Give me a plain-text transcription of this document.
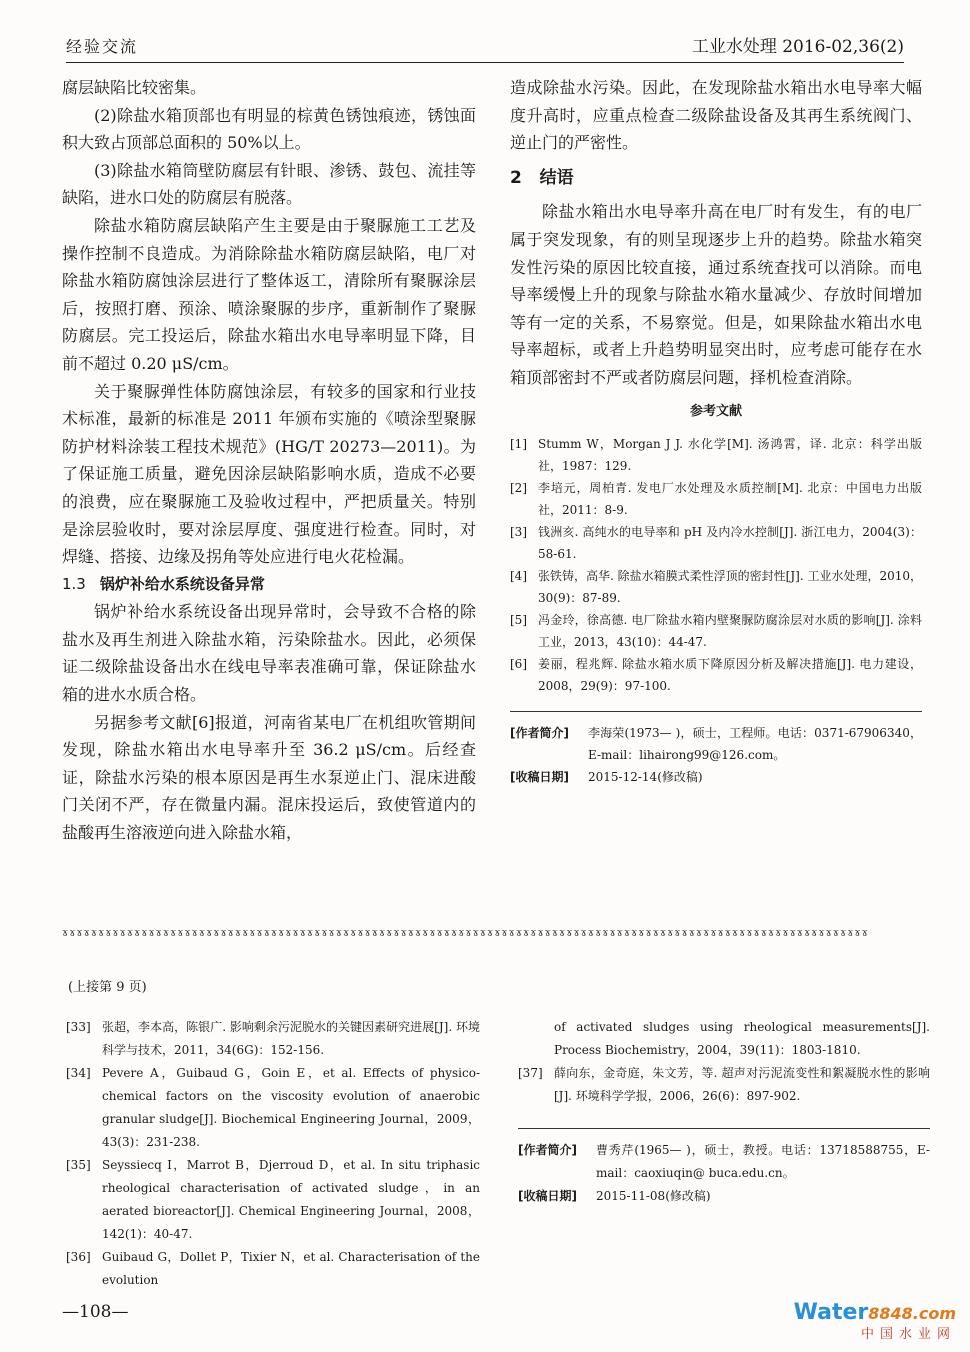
经验交流	工业水处理 2016-02,36(2)

腐层缺陷比较密集。

(2)除盐水箱顶部也有明显的棕黄色锈蚀痕迹，锈蚀面积大致占顶部总面积的 50%以上。

(3)除盐水箱筒壁防腐层有针眼、渗锈、鼓包、流挂等缺陷，进水口处的防腐层有脱落。

除盐水箱防腐层缺陷产生主要是由于聚脲施工工艺及操作控制不良造成。为消除除盐水箱防腐层缺陷，电厂对除盐水箱防腐蚀涂层进行了整体返工，清除所有聚脲涂层后，按照打磨、预涂、喷涂聚脲的步序，重新制作了聚脲防腐层。完工投运后，除盐水箱出水电导率明显下降，目前不超过 0.20 μS/cm。

关于聚脲弹性体防腐蚀涂层，有较多的国家和行业技术标准，最新的标准是 2011 年颁布实施的《喷涂型聚脲防护材料涂装工程技术规范》(HG/T 20273—2011)。为了保证施工质量，避免因涂层缺陷影响水质，造成不必要的浪费，应在聚脲施工及验收过程中，严把质量关。特别是涂层验收时，要对涂层厚度、强度进行检查。同时，对焊缝、搭接、边缘及拐角等处应进行电火花检漏。

1.3 锅炉补给水系统设备异常

锅炉补给水系统设备出现异常时，会导致不合格的除盐水及再生剂进入除盐水箱，污染除盐水。因此，必须保证二级除盐设备出水在线电导率表准确可靠，保证除盐水箱的进水水质合格。

另据参考文献[6]报道，河南省某电厂在机组吹管期间发现，除盐水箱出水电导率升至 36.2 μS/cm。后经查证，除盐水污染的根本原因是再生水泵逆止门、混床进酸门关闭不严，存在微量内漏。混床投运后，致使管道内的盐酸再生溶液逆向进入除盐水箱，

造成除盐水污染。因此，在发现除盐水箱出水电导率大幅度升高时，应重点检查二级除盐设备及其再生系统阀门、逆止门的严密性。

2 结语

除盐水箱出水电导率升高在电厂时有发生，有的电厂属于突发现象，有的则呈现逐步上升的趋势。除盐水箱突发性污染的原因比较直接，通过系统查找可以消除。而电导率缓慢上升的现象与除盐水箱水量减少、存放时间增加等有一定的关系，不易察觉。但是，如果除盐水箱出水电导率超标，或者上升趋势明显突出时，应考虑可能存在水箱顶部密封不严或者防腐层问题，择机检查消除。

参考文献

[1] Stumm W，Morgan J J. 水化学[M]. 汤鸿霄，译. 北京：科学出版社，1987：129.

[2] 李培元，周柏青. 发电厂水处理及水质控制[M]. 北京：中国电力出版社，2011：8-9.

[3] 钱洲亥. 高纯水的电导率和 pH 及内冷水控制[J]. 浙江电力，2004(3)：58-61.

[4] 张铁铸，高华. 除盐水箱膜式柔性浮顶的密封性[J]. 工业水处理，2010，30(9)：87-89.

[5] 冯金玲，徐高德. 电厂除盐水箱内壁聚脲防腐涂层对水质的影响[J]. 涂料工业，2013，43(10)：44-47.

[6] 姜丽，程兆辉. 除盐水箱水质下降原因分析及解决措施[J]. 电力建设，2008，29(9)：97-100.

[作者简介] 李海荣(1973— )，硕士，工程师。电话：0371-67906340，E-mail：lihairong99@126.com。
[收稿日期] 2015-12-14(修改稿)
ɤɤɤɤɤɤɤɤɤɤɤɤɤɤɤɤɤɤɤɤɤɤɤɤɤɤɤɤɤɤɤɤɤɤɤɤɤɤɤɤɤɤɤɤɤɤɤɤɤɤɤɤɤɤɤɤɤɤɤɤɤɤɤɤɤɤɤɤɤɤɤɤɤɤɤɤɤɤɤɤɤɤɤɤɤɤɤɤɤɤɤɤɤɤɤɤɤɤɤɤɤɤɤɤɤɤɤɤɤɤɤɤ
(上接第 9 页)

[33] 张超，李本高，陈银广. 影响剩余污泥脱水的关键因素研究进展[J]. 环境科学与技术，2011，34(6G)：152-156.

[34] Pevere A，Guibaud G，Goin E，et al. Effects of physico-chemical factors on the viscosity evolution of anaerobic granular sludge[J]. Biochemical Engineering Journal，2009，43(3)：231-238.

[35] Seyssiecq I，Marrot B，Djerroud D，et al. In situ triphasic rheological characterisation of activated sludge，in an aerated bioreactor[J]. Chemical Engineering Journal，2008，142(1)：40-47.

[36] Guibaud G，Dollet P，Tixier N，et al. Characterisation of the evolution

of activated sludges using rheological measurements[J]. Process Biochemistry，2004，39(11)：1803-1810.

[37] 薛向东，金奇庭，朱文芳，等. 超声对污泥流变性和絮凝脱水性的影响[J]. 环境科学学报，2006，26(6)：897-902.

[作者简介] 曹秀芹(1965— )，硕士，教授。电话：13718588755，E-mail：caoxiuqin@ buca.edu.cn。
[收稿日期] 2015-11-08(修改稿)
—108—	Water8848.com
中国水业网
